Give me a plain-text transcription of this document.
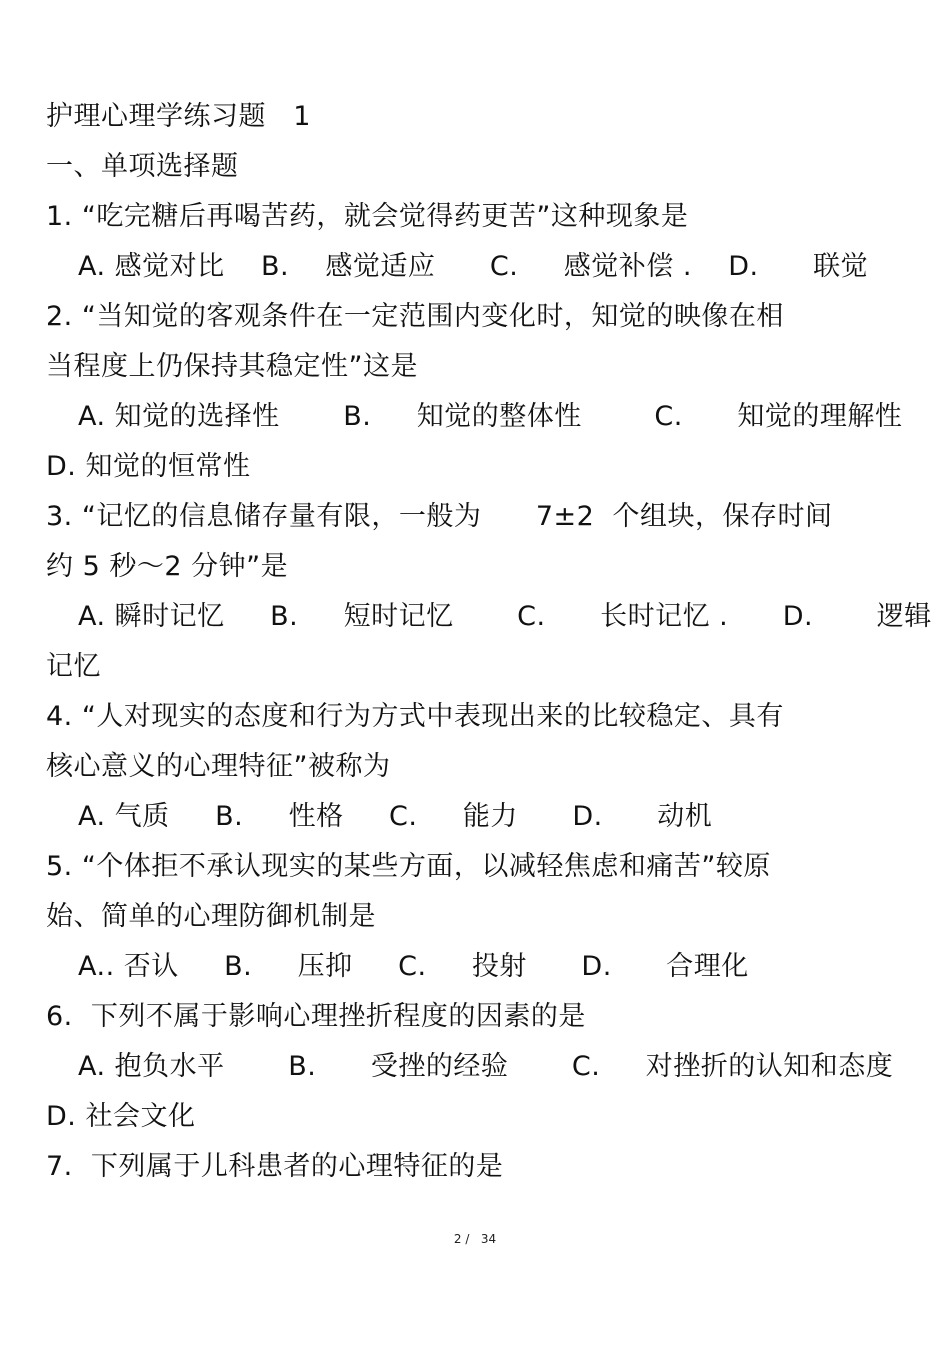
护理心理学练习题   1
一、单项选择题
1. “吃完糖后再喝苦药，就会觉得药更苦”这种现象是
A. 感觉对比    B.    感觉适应      C.     感觉补偿 .    D.      联觉
2. “当知觉的客观条件在一定范围内变化时，知觉的映像在相
当程度上仍保持其稳定性”这是
A. 知觉的选择性       B.     知觉的整体性        C.      知觉的理解性
D. 知觉的恒常性
3. “记忆的信息储存量有限，一般为      7±2  个组块，保存时间
约 5 秒～2 分钟”是
A. 瞬时记忆     B.     短时记忆       C.      长时记忆 .      D.       逻辑
记忆
4. “人对现实的态度和行为方式中表现出来的比较稳定、具有
核心意义的心理特征”被称为
A. 气质     B.     性格     C.     能力      D.      动机
5. “个体拒不承认现实的某些方面，以减轻焦虑和痛苦”较原
始、简单的心理防御机制是
A.. 否认     B.     压抑     C.     投射      D.      合理化
6.  下列不属于影响心理挫折程度的因素的是
A. 抱负水平       B.      受挫的经验       C.     对挫折的认知和态度
D. 社会文化
7.  下列属于儿科患者的心理特征的是
2 /   34
